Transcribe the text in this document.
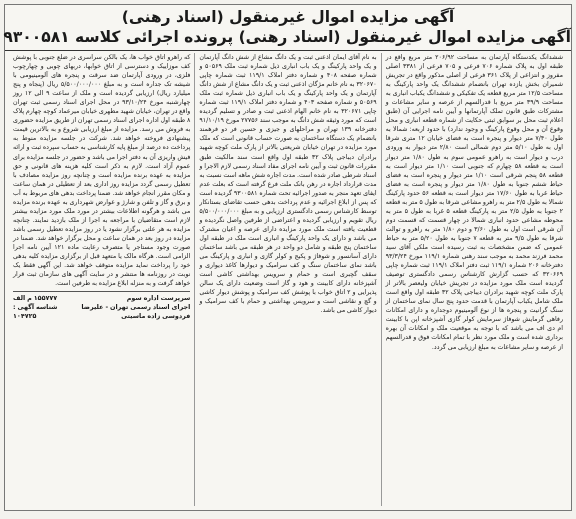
آگهی مزایده اموال غیرمنقول (اسناد رهنی)
آگهی مزایده اموال غیرمنقول (اسناد رهنی) پرونده اجرائی کلاسه ۹۳۰۰۵۸۱

ششدانگ یکدستگاه آپارتمان به مساحت ۲۰۶/۹۲ متر مربع واقع در طبقه اول به پلاک شماره ۷۰۶ فرعی و ۷۰۵ فرعی از ۳۳۸۱ اصلی مفروز و انتزاعی از پلاک ۳۶۱ فرعی از اصلی مذکور واقع در تجریش شمیران بخش یازده تهران بانضمام ششدانگ یک واحد پارکینگ به مساحت ۱۲/۵ متر مربع قطعه یک تفکیکی و ششدانگ یکباب انباری به مساحت ۳۹/۹ متر مربع با قدرالسهم از عرصه و سایر مشاعات و مشترکات طبق قانون تملک آپارتمانها و آیین نامه اجرایی آن (طبق اعلام ثبت محل بر سوابق ثبتی حکایت از شماره قطعه انباری و محل وقوع آن و محل وقوع پارکینگ و وجود ندارد) با حدود اربعه: شمالا به طول ۷/۴۰ متر دیوار و پنجره است به فضای خیابان ۱۲ متری شرقا اول به طول ۵/۱۰ متر دوم شمالی است ۲/۸۰ متر دیوار به ورودی درب و دیوار است به راهرو عمومی سوم به طول ۱/۸۰ متر دیوار است به قطعه ۵۸ چهارم که جنوبی است ۱/۱۰ متر دیوار است به قطعه ۵۸ پنجم شرقی است ۱/۱۰ متر دیوار و پنجره است به فضای حیاط ششم جنوبا به طول ۱/۸۰ متر دیوار و پنجره است به فضای حیاط غربا به طول ۱۷/۶۰ متر دیوار است به قطعه ۵۶ حدود پارکینگ شمالا به طول ۲/۵ متر به راهرو مشاعی شرقا به طول ۵ متر به قطعه ۲ جنوبا به طول ۲/۵ متر به پارکینگ قطعه ۵ غربا به طول ۵ متر به محوطه مشاعی حدود انباری شمالا در چهار قسمت که قسمت دوم آن شرقی است اول به طول ۳/۶۰ و دوم ۱/۸۰ متر به راهرو و توالت شرقا به طول ۹/۵ متر به قطعه ۷ جنوبا به طول ۵/۲۰ متر به حیاط عمومی که ضمن مشخصات به ثبت رسیده است ملکی آقای سید محمد فرزند محمد به موجب سند رهنی شماره ۱۱۹/۱ مورخ ۹۳/۳/۲۴ دفترخانه ۲۰۶ شماره ۱۱۹/۱ ثبت دفتر املاک ۱۱۹/۱ ثبت شماره چاپی ۳۲۰۶۶۹ که حسب گزارش کارشناس رسمی دادگستری توصیف گردیده است ملک مورد مزایده در تجریش خیابان ولیعصر بالاتر از پارک ملت کوچه شهید برادران دیباجی پلاک ۳۲ طبقه اول واقع است ملک شامل یکباب آپارتمان با قدمت حدود پنج سال نمای ساختمان از سنگ گرانیت و پنجره ها از نوع آلومینیوم دوجداره و دارای امکانات رفاهی گرمایش شوفاژ سرمایش کولر گازی آشپزخانه اپن با کابینت ام دی اف می باشد که با توجه به موقعیت ملک و امکانات آن بهره برداری شده است و ملک مورد نظر با تمام امکانات فوق و قدرالسهم از عرصه و سایر مشاعات به مبلغ ارزیابی می گردد.

به نام آقای ایمان اذعنی ثبت و یک دانگ مشاع از شش دانگ آپارتمان و یک واحد پارکینگ و یک باب انباری ذیل شماره ثبت ملک ۵۰۵۶۹ و شماره صفحه ۴۰۸ و شماره دفتر املاک ۱۱۹/۱ ثبت شماره چاپی ۳۲۰۶۷۰ به نام خانم مژگان اذعنی ثبت و یک دانگ مشاع از شش دانگ آپارتمان و یک واحد پارکینگ و یک باب انباری ذیل شماره ثبت ملک ۵۰۵۶۹ و شماره صفحه ۴۰۳ و شماره دفتر املاک ۱۱۹/۱ ثبت شماره چاپی ۳۲۰۶۷۱ به نام خانم الهام اذعنی ثبت و صادر و تسلیم گردیده است که مورد وثیقه شش دانگ به موجب سند ۲۷۷۵۶ مورخ ۹۱/۱۰/۱۹ دفترخانه ۱۳۹ تهران و مراحلهای و جیزی و حسین فر دو فرهمند بانضمام یک دستگاه ساختمان به صورت حساب قانونی است که ملک مورد مزایده در تهران خیابان شریعتی بالاتر از پارک ملت کوچه شهید برادران دیباجی پلاک ۳۲ طبقه اول واقع است سند مالکیت طبق مقررات قانون ثبت و آیین نامه اجرای مفاد اسناد رسمی لازم الاجرا و اسناد شرطی صادر شده است. مدت اجاره شش ماهه است نسبت به مدت قرارداد اجاره در رهن بانک ملت فرع گرفته است که بعلت عدم ایفای تعهد منجر به صدور اجرائیه تحت شماره ۹۳۰۰۵۸۱ گردیده است که پس از ابلاغ اجرائیه و عدم پرداخت بدهی حسب تقاضای بستانکار توسط کارشناس رسمی دادگستری ارزیابی و به مبلغ ۵/۵۰۰/۰۰۰/۰۰۰ ریال تقویم و ارزیابی گردیده و اعتراضی از طرفین واصل نگردیده و قطعیت یافته است ملک مورد مزایده دارای عرصه و اعیان مشترک می باشد و دارای یک واحد پارکینگ و انباری است ملک در طبقه اول ساختمان پنج طبقه و شامل دو واحد در هر طبقه می باشد ساختمان دارای آسانسور و شوفاژ و پکیج و کولر گازی و انباری و پارکینگ می باشد نمای ساختمان سنگ و کف سرامیک و دیوارها کاغذ دیواری و سقف گچبری است و حمام و سرویس بهداشتی کاشی است آشپزخانه دارای کابینت و هود و گاز است وضعیت دارای یک سالن پذیرایی و ۲ اتاق خواب با پوشش کف سرامیک و پوشش دیوار کاشی و گچ و نقاشی است و سرویس بهداشتی و حمام با کف سرامیک و دیوار کاشی می باشد.

که راهرو اتاق خواب ها، یک بالکن سراسری در ضلع جنوبی با پوشش کف موزاییک و دسترسی از اتاق خوابها، دربهای چوبی و چهارچوب فلزی، در ورودی آپارتمان ضد سرقت و پنجره های آلومینیومی با شیشه تک جداره است و به مبلغ ۵/۵۰۰/۰۰۰/۰۰۰ ریال (پنجاه و پنج میلیارد ریال) ارزیابی گردیده است و ملک از ساعت ۹ الی ۱۲ روز چهارشنبه مورخ ۹۳/۱۰/۲۴ در محل اجرای اسناد رسمی ثبت تهران واقع در تهران، خیابان شهید مطهری خیابان میرعماد کوچه چهارم پلاک ۸ طبقه اول اداره اجرای اسناد رسمی تهران از طریق مزایده حضوری به فروش می رسد. مزایده از مبلغ ارزیابی شروع و به بالاترین قیمت پیشنهادی فروخته خواهد شد. شرکت در جلسه مزایده منوط به پرداخت ده درصد از مبلغ پایه کارشناسی به حساب سپرده ثبت و ارائه فیش واریزی آن به دفتر اجرا می باشد و حضور در جلسه مزایده برای عموم آزاد است. لازم به ذکر است کلیه هزینه های قانونی و حق مزایده به عهده برنده مزایده است و چنانچه روز مزایده مصادف با تعطیل رسمی گردد مزایده روز اداری بعد از تعطیلی در همان ساعت و مکان مقرر انجام خواهد شد. ضمنا پرداخت بدهی های مربوط به آب و برق و گاز و تلفن و شارژ و عوارض شهرداری به عهده برنده مزایده می باشد و هرگونه اطلاعات بیشتر در مورد ملک مورد مزایده بیشتر لازم است متقاضیان با مراجعه به اجرا از ملک بازدید نمایند. چنانچه مزایده به هر علتی برگزار نشود یا در روز مزایده تعطیل رسمی باشد مزایده در روز بعد در همان ساعت و محل برگزار خواهد شد. ضمنا در صورت وجود مستاجر یا متصرف رعایت ماده ۱۲۱ آیین نامه اجرا الزامی است. هرگاه مالک یا متعهد قبل از برگزاری مزایده کلیه بدهی خود را پرداخت نماید مزایده متوقف خواهد شد. این آگهی فقط یک نوبت در روزنامه ها منتشر و در سایت آگهی های سازمان ثبت قرار خواهد گرفت و به منزله ابلاغ مزایده به طرفین است.

سرپرست اداره سوم
اجرای اسناد رسمی تهران - علیرضا فردوسی زاده ماسیتی
۱۵۵۷۷۷ م الف
شناسه آگهی : ۱۰۴۷۲۵
